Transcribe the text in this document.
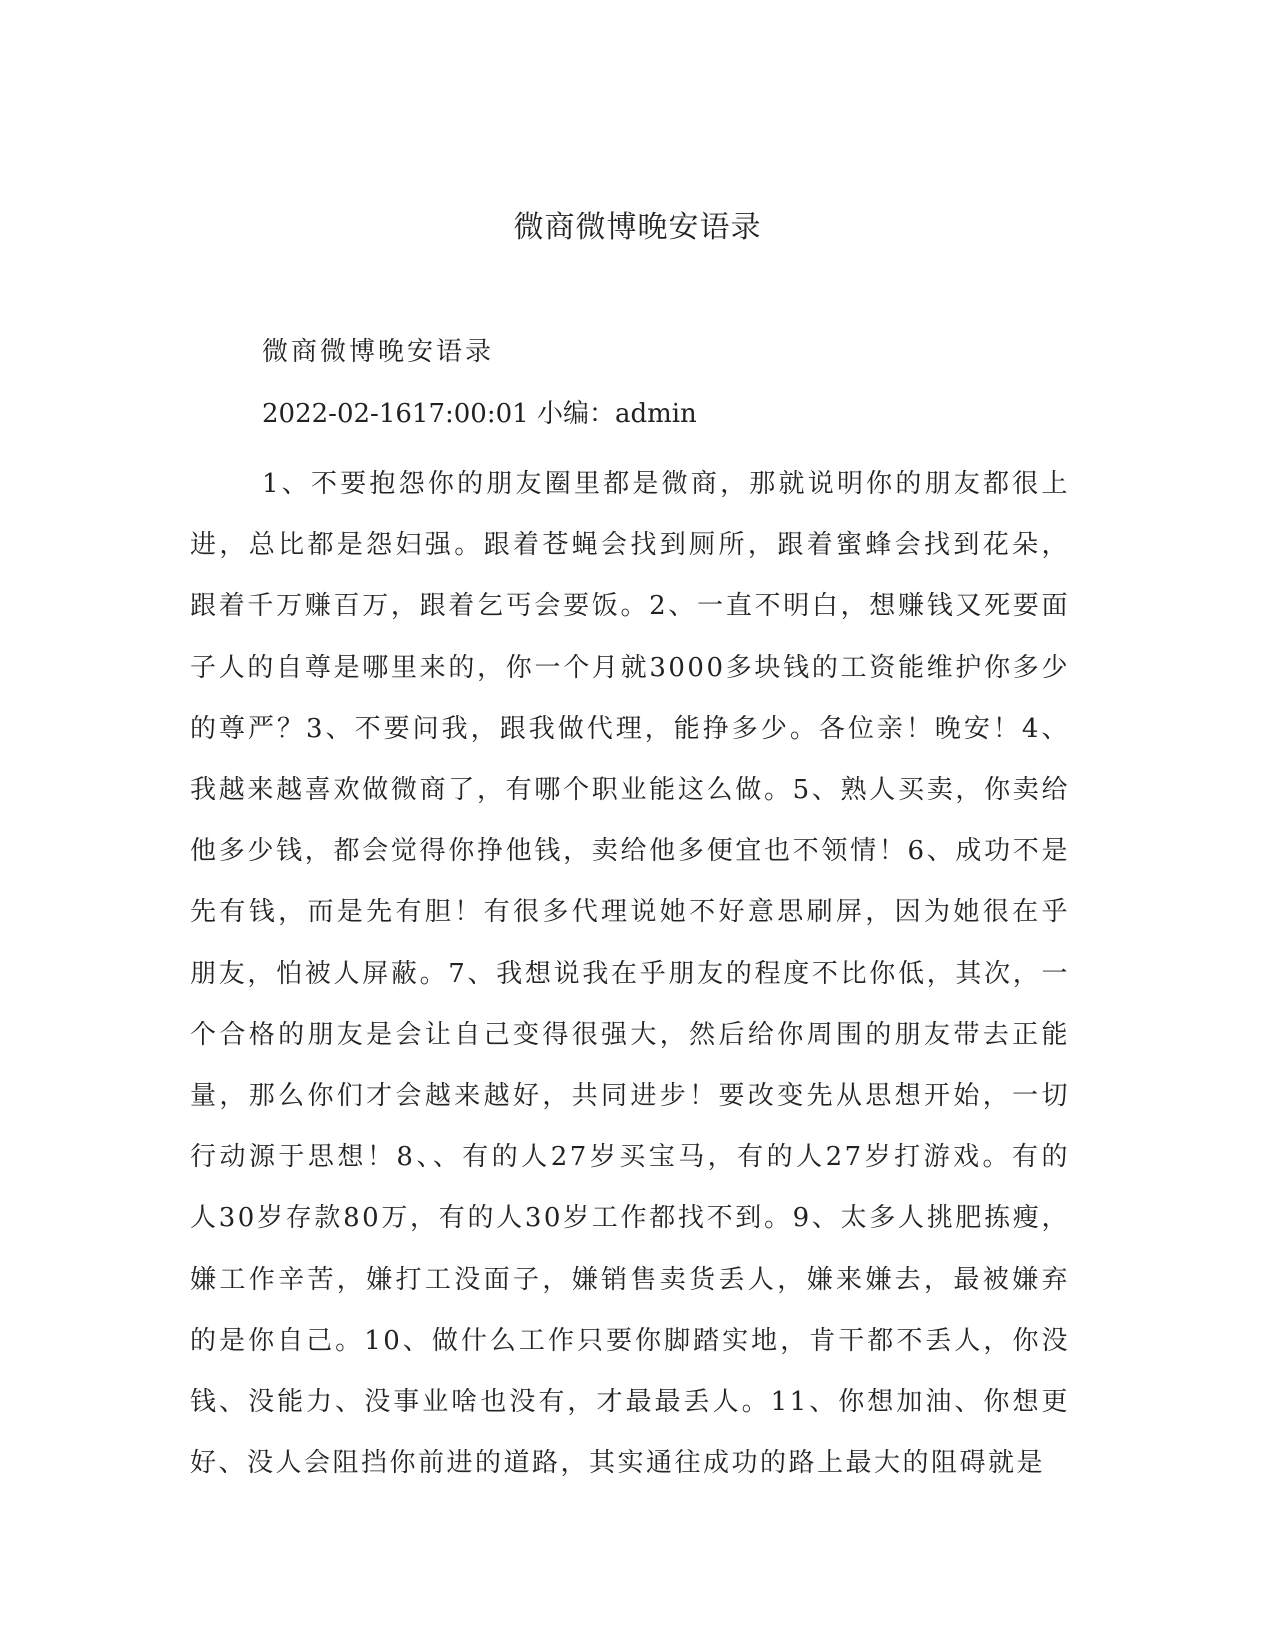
微商微博晚安语录

微商微博晚安语录

2022-02-1617:00:01 小编：admin

1、不要抱怨你的朋友圈里都是微商，那就说明你的朋友都很上进，总比都是怨妇强。跟着苍蝇会找到厕所，跟着蜜蜂会找到花朵，跟着千万赚百万，跟着乞丐会要饭。2、一直不明白，想赚钱又死要面子人的自尊是哪里来的，你一个月就3000多块钱的工资能维护你多少的尊严？3、不要问我，跟我做代理，能挣多少。各位亲！晚安！4、我越来越喜欢做微商了，有哪个职业能这么做。5、熟人买卖，你卖给他多少钱，都会觉得你挣他钱，卖给他多便宜也不领情！6、成功不是先有钱，而是先有胆！有很多代理说她不好意思刷屏，因为她很在乎朋友，怕被人屏蔽。7、我想说我在乎朋友的程度不比你低，其次，一个合格的朋友是会让自己变得很强大，然后给你周围的朋友带去正能量，那么你们才会越来越好，共同进步！要改变先从思想开始，一切行动源于思想！8、、有的人27岁买宝马，有的人27岁打游戏。有的人30岁存款80万，有的人30岁工作都找不到。9、太多人挑肥拣瘦，嫌工作辛苦，嫌打工没面子，嫌销售卖货丢人，嫌来嫌去，最被嫌弃的是你自己。10、做什么工作只要你脚踏实地，肯干都不丢人，你没钱、没能力、没事业啥也没有，才最最丢人。11、你想加油、你想更好、没人会阻挡你前进的道路，其实通往成功的路上最大的阻碍就是
